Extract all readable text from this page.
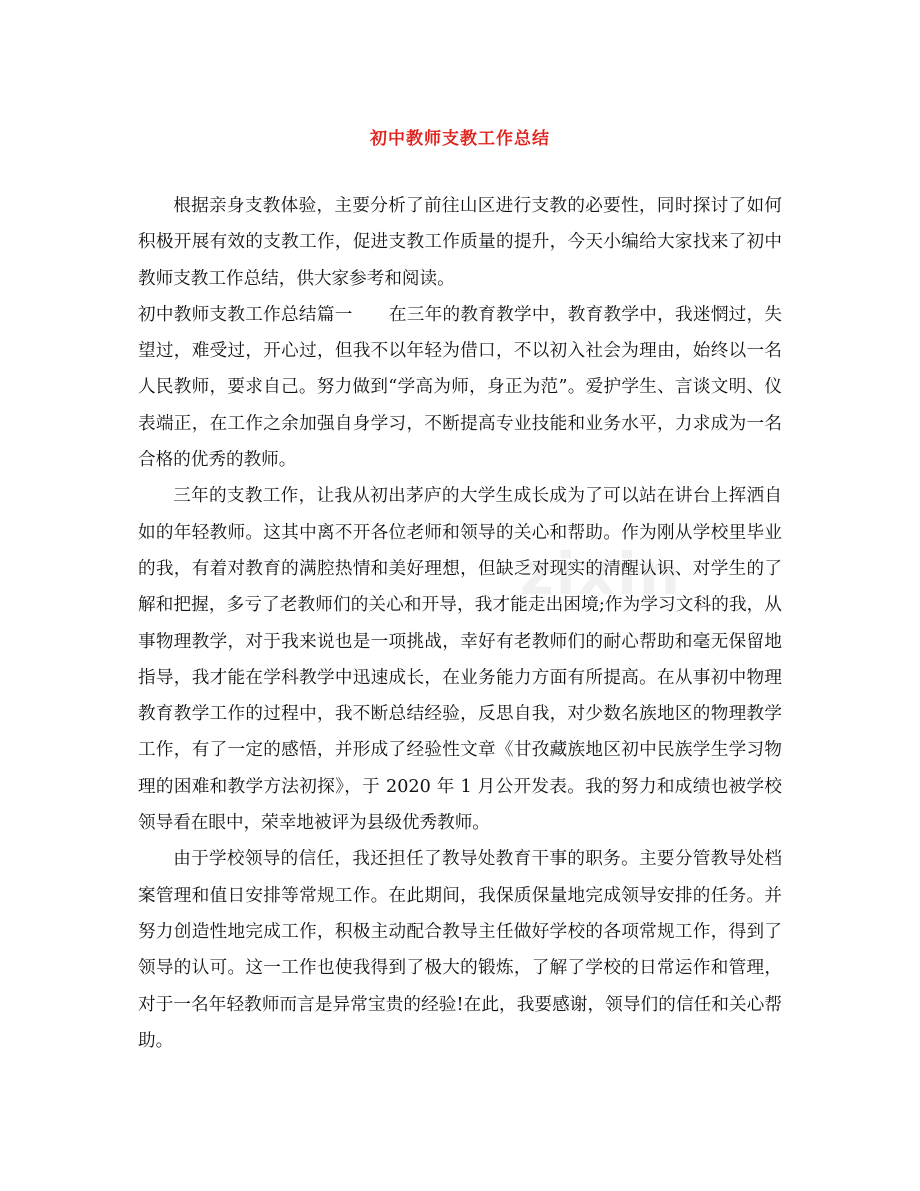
zixin
初中教师支教工作总结

根据亲身支教体验，主要分析了前往山区进行支教的必要性，同时探讨了如何积极开展有效的支教工作，促进支教工作质量的提升，今天小编给大家找来了初中教师支教工作总结，供大家参考和阅读。

初中教师支教工作总结篇一 在三年的教育教学中，教育教学中，我迷惘过，失望过，难受过，开心过，但我不以年轻为借口，不以初入社会为理由，始终以一名人民教师，要求自己。努力做到“学高为师，身正为范”。爱护学生、言谈文明、仪表端正，在工作之余加强自身学习，不断提高专业技能和业务水平，力求成为一名合格的优秀的教师。

三年的支教工作，让我从初出茅庐的大学生成长成为了可以站在讲台上挥洒自如的年轻教师。这其中离不开各位老师和领导的关心和帮助。作为刚从学校里毕业的我，有着对教育的满腔热情和美好理想，但缺乏对现实的清醒认识、对学生的了解和把握，多亏了老教师们的关心和开导，我才能走出困境;作为学习文科的我，从事物理教学，对于我来说也是一项挑战，幸好有老教师们的耐心帮助和毫无保留地指导，我才能在学科教学中迅速成长，在业务能力方面有所提高。在从事初中物理教育教学工作的过程中，我不断总结经验，反思自我，对少数名族地区的物理教学工作，有了一定的感悟，并形成了经验性文章《甘孜藏族地区初中民族学生学习物理的困难和教学方法初探》，于 2020 年 1 月公开发表。我的努力和成绩也被学校领导看在眼中，荣幸地被评为县级优秀教师。

由于学校领导的信任，我还担任了教导处教育干事的职务。主要分管教导处档案管理和值日安排等常规工作。在此期间，我保质保量地完成领导安排的任务。并努力创造性地完成工作，积极主动配合教导主任做好学校的各项常规工作，得到了领导的认可。这一工作也使我得到了极大的锻炼，了解了学校的日常运作和管理，对于一名年轻教师而言是异常宝贵的经验!在此，我要感谢，领导们的信任和关心帮助。
